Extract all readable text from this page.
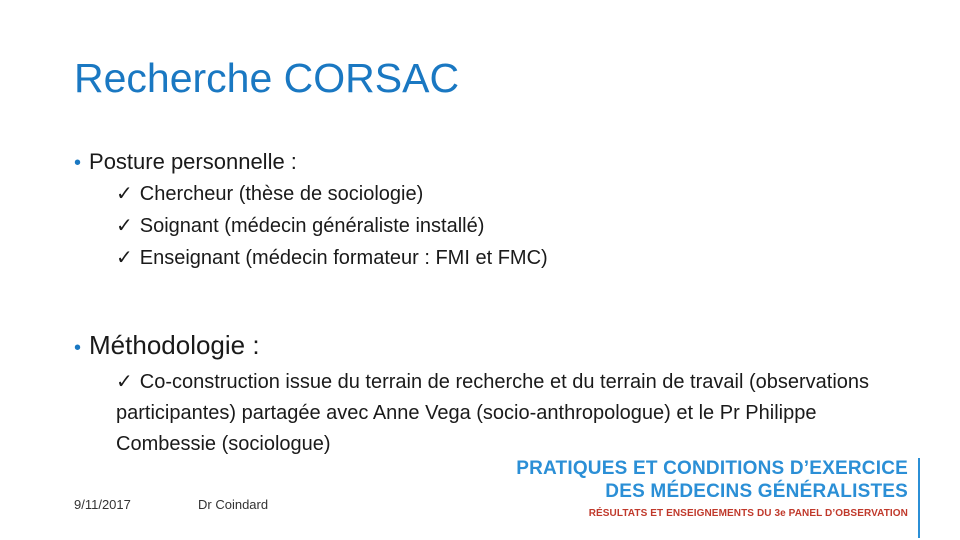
Recherche CORSAC
• Posture personnelle :
✓ Chercheur (thèse de sociologie)
✓ Soignant (médecin généraliste installé)
✓ Enseignant (médecin formateur : FMI et FMC)
• Méthodologie :
✓ Co-construction issue du terrain de recherche et du terrain de travail (observations participantes) partagée avec Anne Vega (socio-anthropologue) et le Pr Philippe Combessie (sociologue)
9/11/2017	Dr Coindard
PRATIQUES ET CONDITIONS D’EXERCICE
DES MÉDECINS GÉNÉRALISTES
RÉSULTATS ET ENSEIGNEMENTS DU 3e PANEL D’OBSERVATION
